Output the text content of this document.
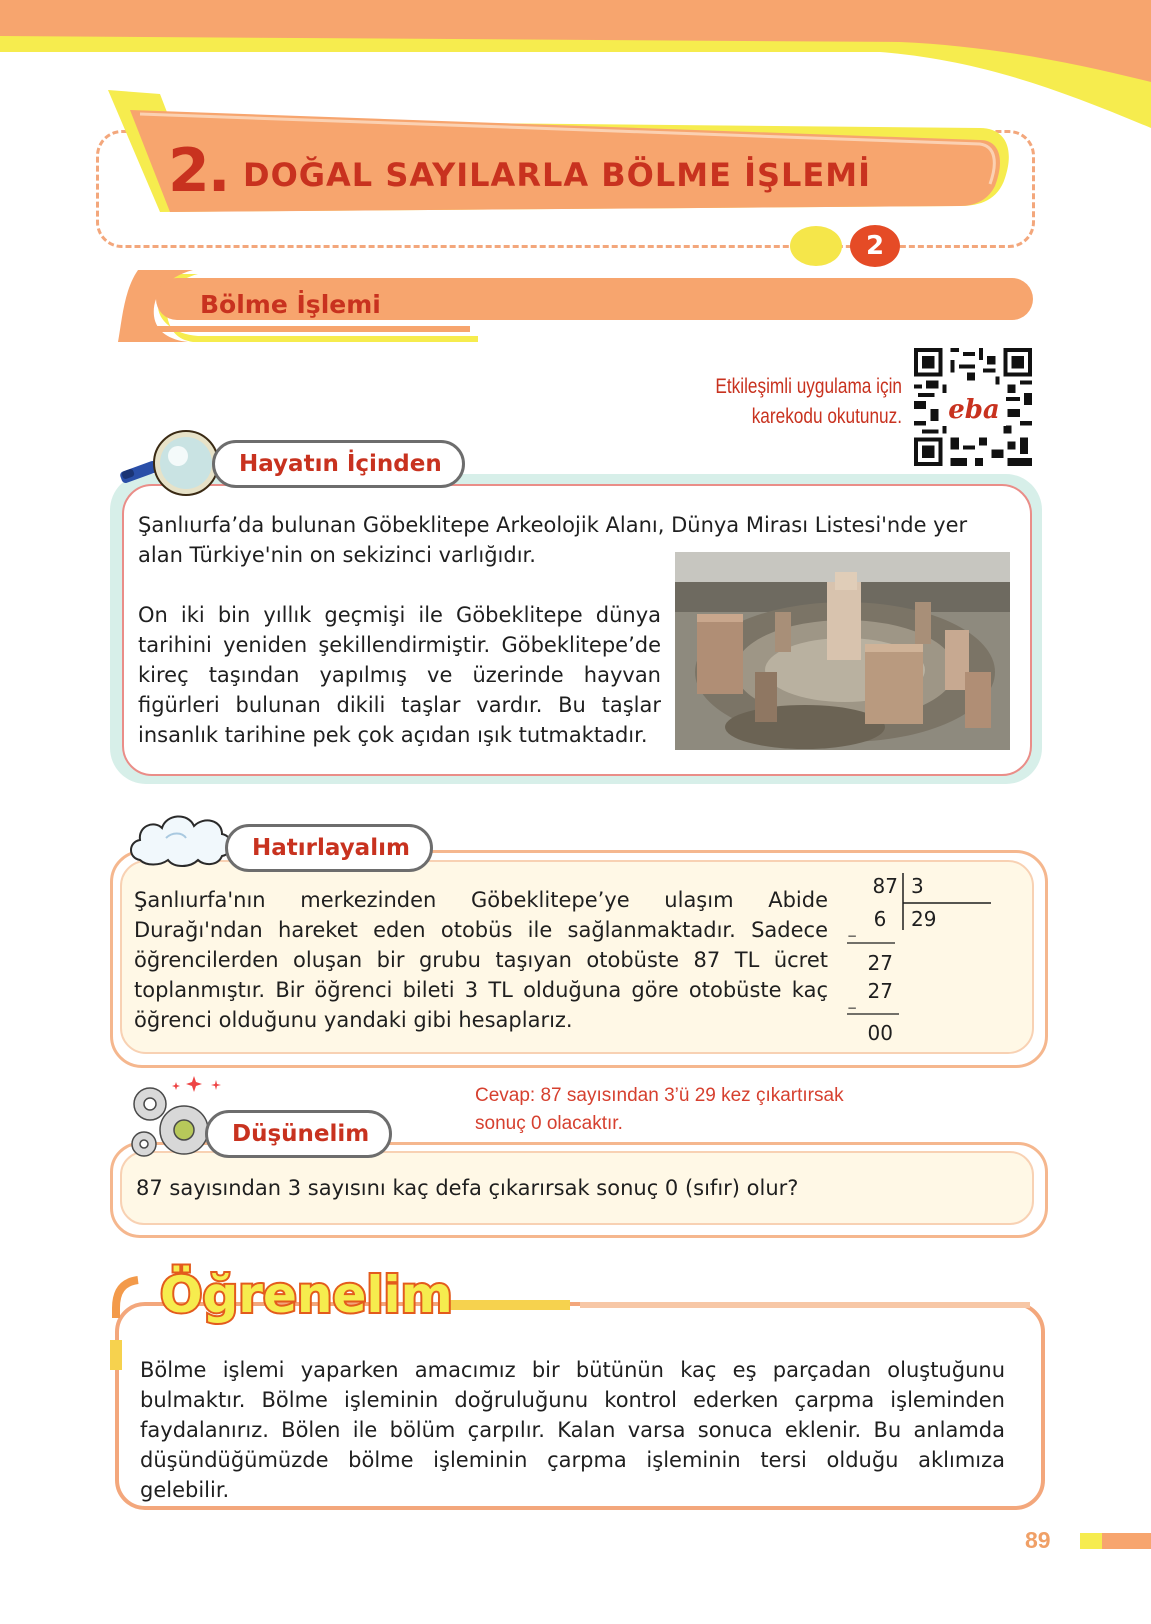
2. DOĞAL SAYILARLA BÖLME İŞLEMİ
2
Bölme İşlemi
Etkileşimli uygulama için
karekodu okutunuz. eba
Hayatın İçinden
Şanlıurfa’da bulunan Göbeklitepe Arkeolojik Alanı, Dünya Mirası Listesi'nde yer alan Türkiye'nin on sekizinci varlığıdır.
On iki bin yıllık geçmişi ile Göbeklitepe dünya tarihini yeniden şekillendirmiştir. Göbeklitepe’de kireç taşından yapılmış ve üzerinde hayvan figürleri bulunan dikili taşlar vardır. Bu taşlar insanlık tarihine pek çok açıdan ışık tutmaktadır.
Hatırlayalım
Şanlıurfa'nın merkezinden Göbeklitepe’ye ulaşım Abide Durağı'ndan hareket eden otobüs ile sağlanmaktadır. Sadece öğrencilerden oluşan bir grubu taşıyan otobüste 87 TL ücret toplanmıştır. Bir öğrenci bileti 3 TL olduğuna göre otobüste kaç öğrenci olduğunu yandaki gibi hesaplarız.
87 3
29
6
−
27
27
−
00
Cevap: 87 sayısından 3’ü 29 kez çıkartırsak
sonuç 0 olacaktır.
Düşünelim
87 sayısından 3 sayısını kaç defa çıkarırsak sonuç 0 (sıfır) olur?
Öğrenelim
Bölme işlemi yaparken amacımız bir bütünün kaç eş parçadan oluştuğunu bulmaktır. Bölme işleminin doğruluğunu kontrol ederken çarpma işleminden faydalanırız. Bölen ile bölüm çarpılır. Kalan varsa sonuca eklenir. Bu anlamda düşündüğümüzde bölme işleminin çarpma işleminin tersi olduğu aklımıza gelebilir.
89
